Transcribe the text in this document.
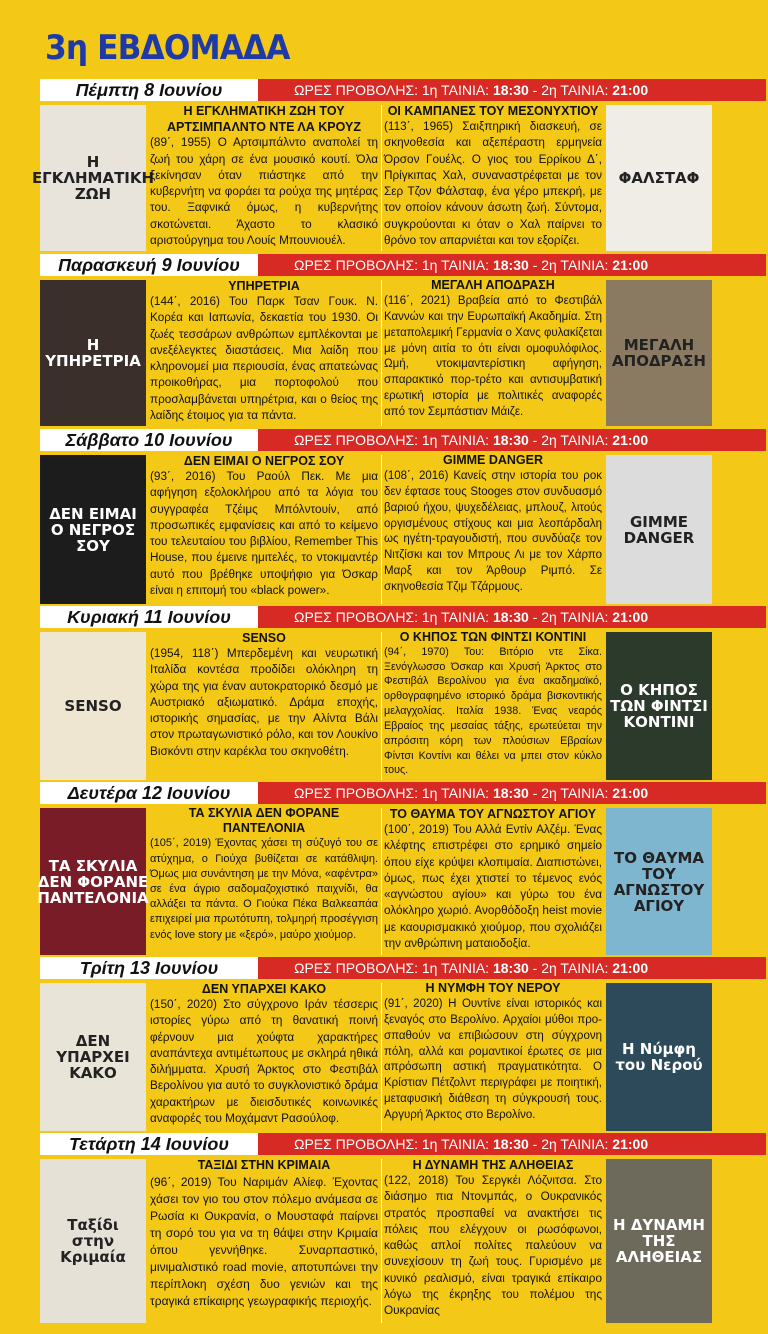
3η ΕΒΔΟΜΑΔΑ
Πέμπτη 8 Ιουνίου	ΩΡΕΣ ΠΡΟΒΟΛΗΣ: 1η ΤΑΙΝΙΑ: 18:30 - 2η ΤΑΙΝΙΑ: 21:00
Η ΕΓΚΛΗΜΑΤΙΚΗ ΖΩΗ
Η ΕΓΚΛΗΜΑΤΙΚΗ ΖΩΗ ΤΟΥ ΑΡΤΣΙΜΠΑΛΝΤΟ ΝΤΕ ΛΑ ΚΡΟΥΖ
(89΄, 1955) Ο Αρτσιμπάλντο αναπολεί τη ζωή του χάρη σε ένα μουσικό κουτί. Όλα ξεκίνησαν όταν πιάστηκε από την κυβερνήτη να φοράει τα ρούχα της μητέρας του. Ξαφνικά όμως, η κυβερνήτης σκοτώνεται. Άχαστο το κλασικό αριστούργημα του Λουίς Μπουνιουέλ.
ΦΑΛΣΤΑΦ
ΟΙ ΚΑΜΠΑΝΕΣ ΤΟΥ ΜΕΣΟΝΥΧΤΙΟΥ
(113΄, 1965) Σαιξπηρική διασκευή, σε σκηνοθεσία και αξεπέραστη ερμηνεία Όρσον Γουέλς. Ο γιος του Ερρίκου Δ΄, Πρίγκιπας Χαλ, συναναστρέφεται με τον Σερ Τζον Φάλσταφ, ένα γέρο μπεκρή, με τον οποίον κάνουν άσωτη ζωή. Σύντομα, συγκρούονται κι όταν ο Χαλ παίρνει το θρόνο τον απαρνιέται και τον εξορίζει.
Παρασκευή 9 Ιουνίου	ΩΡΕΣ ΠΡΟΒΟΛΗΣ: 1η ΤΑΙΝΙΑ: 18:30 - 2η ΤΑΙΝΙΑ: 21:00
Η ΥΠΗΡΕΤΡΙΑ
ΥΠΗΡΕΤΡΙΑ
(144΄, 2016) Του Παρκ Τσαν Γουκ. Ν. Κορέα και Ιαπωνία, δεκαετία του 1930. Οι ζωές τεσσάρων ανθρώπων εμπλέκονται με ανεξέλεγκτες διαστάσεις. Μια λαίδη που κληρονομεί μια περιουσία, ένας απατεώνας προικοθήρας, μια πορτοφολού που προσλαμβάνεται υπηρέτρια, και ο θείος της λαίδης έτοιμος για τα πάντα.
ΜΕΓΑΛΗ ΑΠΟΔΡΑΣΗ
ΜΕΓΑΛΗ ΑΠΟΔΡΑΣΗ
(116΄, 2021) Βραβεία από το Φεστιβάλ Καννών και την Ευρωπαϊκή Ακαδημία. Στη μεταπολεμική Γερμανία ο Χανς φυλακίζεται με μόνη αιτία το ότι είναι ομοφυλόφιλος. Ωμή, ντοκιμαντερίστικη αφήγηση, σπαρακτικό πορ-τρέτο και αντισυμβατική ερωτική ιστορία με πολιτικές αναφορές από τον Σεμπάστιαν Μάιζε.
Σάββατο 10 Ιουνίου	ΩΡΕΣ ΠΡΟΒΟΛΗΣ: 1η ΤΑΙΝΙΑ: 18:30 - 2η ΤΑΙΝΙΑ: 21:00
ΔΕΝ ΕΙΜΑΙ Ο ΝΕΓΡΟΣ ΣΟΥ
ΔΕΝ ΕΙΜΑΙ Ο ΝΕΓΡΟΣ ΣΟΥ
(93΄, 2016) Του Ραούλ Πεκ. Με μια αφήγηση εξολοκλήρου από τα λόγια του συγγραφέα Τζέιμς Μπόλντουίν, από προσωπικές εμφανίσεις και από το κείμενο του τελευταίου του βιβλίου, Remember This House, που έμεινε ημιτελές, το ντοκιμαντέρ αυτό που βρέθηκε υποψήφιο για Όσκαρ είναι η επιτομή του «black power».
GIMME DANGER
GIMME DANGER
(108΄, 2016) Κανείς στην ιστορία του ροκ δεν έφτασε τους Stooges στον συνδυασμό βαριού ήχου, ψυχεδέλειας, μπλουζ, λιτούς οργισμένους στίχους και μια λεοπάρδαλη ως ηγέτη-τραγουδιστή, που συνδύαζε τον Νιτζίσκι και τον Μπρους Λι με τον Χάρπο Μαρξ και τον Άρθουρ Ριμπό. Σε σκηνοθεσία Τζιμ Τζάρμους.
Κυριακή 11 Ιουνίου	ΩΡΕΣ ΠΡΟΒΟΛΗΣ: 1η ΤΑΙΝΙΑ: 18:30 - 2η ΤΑΙΝΙΑ: 21:00
SENSO
SENSO
(1954, 118΄) Μπερδεμένη και νευρωτική Ιταλίδα κοντέσα προδίδει ολόκληρη τη χώρα της για έναν αυτοκρατορικό δεσμό με Αυστριακό αξιωματικό. Δράμα εποχής, ιστορικής σημασίας, με την Αλίντα Βάλι στον πρωταγωνιστικό ρόλο, και τον Λουκίνο Βισκόντι στην καρέκλα του σκηνοθέτη.
Ο ΚΗΠΟΣ ΤΩΝ ΦΙΝΤΣΙ ΚΟΝΤΙΝΙ
Ο ΚΗΠΟΣ ΤΩΝ ΦΙΝΤΣΙ ΚΟΝΤΙΝΙ
(94΄, 1970) Του: Βιτόριο ντε Σίκα. Ξενόγλωσσο Όσκαρ και Χρυσή Άρκτος στο Φεστιβάλ Βερολίνου για ένα ακαδημαϊκό, ορθογραφημένο ιστορικό δράμα βισκοντικής μελαγχολίας. Ιταλία 1938. Ένας νεαρός Εβραίος της μεσαίας τάξης, ερωτεύεται την απρόσιτη κόρη των πλούσιων Εβραίων Φίντσι Κοντίνι και θέλει να μπει στον κύκλο τους.
Δευτέρα 12 Ιουνίου	ΩΡΕΣ ΠΡΟΒΟΛΗΣ: 1η ΤΑΙΝΙΑ: 18:30 - 2η ΤΑΙΝΙΑ: 21:00
ΤΑ ΣΚΥΛΙΑ ΔΕΝ ΦΟΡΑΝΕ ΠΑΝΤΕΛΟΝΙΑ
ΤΑ ΣΚΥΛΙΑ ΔΕΝ ΦΟΡΑΝΕ ΠΑΝΤΕΛΟΝΙΑ
(105΄, 2019) Έχοντας χάσει τη σύζυγό του σε ατύχημα, ο Γιούχα βυθίζεται σε κατάθλιψη. Όμως μια συνάντηση με την Μόνα, «αφέντρα» σε ένα άγριο σαδομαζοχιστικό παιχνίδι, θα αλλάξει τα πάντα. Ο Γιούκα Πέκα Βαλκεαπάα επιχειρεί μια πρωτότυπη, τολμηρή προσέγγιση ενός love story με «ξερό», μαύρο χιούμορ.
ΤΟ ΘΑΥΜΑ ΤΟΥ ΑΓΝΩΣΤΟΥ ΑΓΙΟΥ
ΤΟ ΘΑΥΜΑ ΤΟΥ ΑΓΝΩΣΤΟΥ ΑΓΙΟΥ
(100΄, 2019) Του Αλλά Εντίν Αλζέμ. Ένας κλέφτης επιστρέφει στο ερημικό σημείο όπου είχε κρύψει κλοπιμαία. Διαπιστώνει, όμως, πως έχει χτιστεί το τέμενος ενός «αγνώστου αγίου» και γύρω του ένα ολόκληρο χωριό. Ανορθόδοξη heist movie με καουρισμακικό χιούμορ, που σχολιάζει την ανθρώπινη ματαιοδοξία.
Τρίτη 13 Ιουνίου	ΩΡΕΣ ΠΡΟΒΟΛΗΣ: 1η ΤΑΙΝΙΑ: 18:30 - 2η ΤΑΙΝΙΑ: 21:00
ΔΕΝ ΥΠΑΡΧΕΙ ΚΑΚΟ
ΔΕΝ ΥΠΑΡΧΕΙ ΚΑΚΟ
(150΄, 2020) Στο σύγχρονο Ιράν τέσσερις ιστορίες γύρω από τη θανατική ποινή φέρνουν μια χούφτα χαρακτήρες αναπάντεχα αντιμέτωπους με σκληρά ηθικά διλήμματα. Χρυσή Άρκτος στο Φεστιβάλ Βερολίνου για αυτό το συγκλονιστικό δράμα χαρακτήρων με διεισδυτικές κοινωνικές αναφορές του Μοχάμαντ Ρασούλοφ.
Η Νύμφη του Νερού
Η ΝΥΜΦΗ ΤΟΥ ΝΕΡΟΥ
(91΄, 2020) Η Ουντίνε είναι ιστορικός και ξεναγός στο Βερολίνο. Αρχαίοι μύθοι προ-σπαθούν να επιβιώσουν στη σύγχρονη πόλη, αλλά και ρομαντικοί έρωτες σε μια απρόσωπη αστική πραγματικότητα. Ο Κρίστιαν Πέτζολντ περιγράφει με ποιητική, μεταφυσική διάθεση τη σύγκρουσή τους. Αργυρή Άρκτος στο Βερολίνο.
Τετάρτη 14 Ιουνίου	ΩΡΕΣ ΠΡΟΒΟΛΗΣ: 1η ΤΑΙΝΙΑ: 18:30 - 2η ΤΑΙΝΙΑ: 21:00
Ταξίδι στην Κριμαία
ΤΑΞΙΔΙ ΣΤΗΝ ΚΡΙΜΑΙΑ
(96΄, 2019) Του Ναριμάν Αλίεφ. Έχοντας χάσει τον γιο του στον πόλεμο ανάμεσα σε Ρωσία κι Ουκρανία, ο Μουσταφά παίρνει τη σορό του για να τη θάψει στην Κριμαία όπου γεννήθηκε. Συναρπαστικό, μινιμαλιστικό road movie, αποτυπώνει την περίπλοκη σχέση δυο γενιών και της τραγικά επίκαιρης γεωγραφικής περιοχής.
Η ΔΥΝΑΜΗ ΤΗΣ ΑΛΗΘΕΙΑΣ
Η ΔΥΝΑΜΗ ΤΗΣ ΑΛΗΘΕΙΑΣ
(122, 2018) Του Σεργκέι Λόζνιτσα. Στο διάσημο πια Ντονμπάς, ο Ουκρανικός στρατός προσπαθεί να ανακτήσει τις πόλεις που ελέγχουν οι ρωσόφωνοι, καθώς απλοί πολίτες παλεύουν να συνεχίσουν τη ζωή τους. Γυρισμένο με κυνικό ρεαλισμό, είναι τραγικά επίκαιρο λόγω της έκρηξης του πολέμου της Ουκρανίας
